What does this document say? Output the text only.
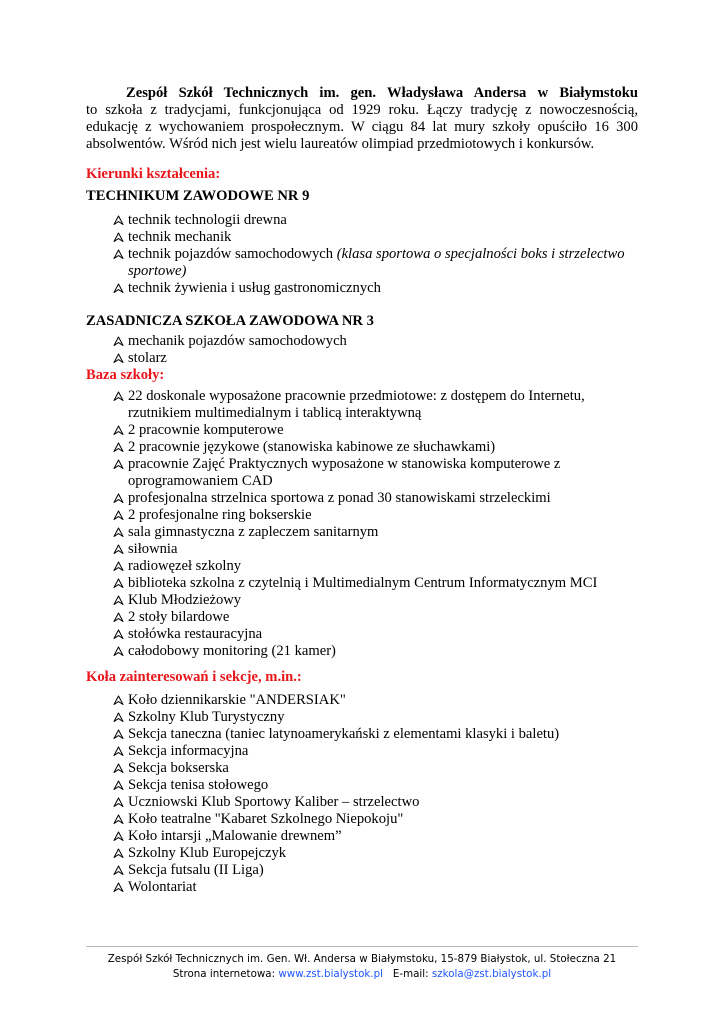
Zespół Szkół Technicznych im. gen. Władysława Andersa w Białymstoku
to szkoła z tradycjami, funkcjonująca od 1929 roku. Łączy tradycję z nowoczesnością, edukację z wychowaniem prospołecznym. W ciągu 84 lat mury szkoły opuściło 16 300 absolwentów. Wśród nich jest wielu laureatów olimpiad przedmiotowych i konkursów.

Kierunki kształcenia:

TECHNIKUM ZAWODOWE NR 9

technik technologii drewna
technik mechanik
technik pojazdów samochodowych (klasa sportowa o specjalności boks i strzelectwo sportowe)
technik żywienia i usług gastronomicznych

ZASADNICZA SZKOŁA ZAWODOWA NR 3

mechanik pojazdów samochodowych
stolarz

Baza szkoły:

22 doskonale wyposażone pracownie przedmiotowe: z dostępem do Internetu, rzutnikiem multimedialnym i tablicą interaktywną
2 pracownie komputerowe
2 pracownie językowe (stanowiska kabinowe ze słuchawkami)
pracownie Zajęć Praktycznych wyposażone w stanowiska komputerowe z oprogramowaniem CAD
profesjonalna strzelnica sportowa z ponad 30 stanowiskami strzeleckimi
2 profesjonalne ring bokserskie
sala gimnastyczna z zapleczem sanitarnym
siłownia
radiowęzeł szkolny
biblioteka szkolna z czytelnią i Multimedialnym Centrum Informatycznym MCI
Klub Młodzieżowy
2 stoły bilardowe
stołówka restauracyjna
całodobowy monitoring (21 kamer)

Koła zainteresowań i sekcje, m.in.:

Koło dziennikarskie "ANDERSIAK"
Szkolny Klub Turystyczny
Sekcja taneczna (taniec latynoamerykański z elementami klasyki i baletu)
Sekcja informacyjna
Sekcja bokserska
Sekcja tenisa stołowego
Uczniowski Klub Sportowy Kaliber – strzelectwo
Koło teatralne "Kabaret Szkolnego Niepokoju"
Koło intarsji „Malowanie drewnem”
Szkolny Klub Europejczyk
Sekcja futsalu (II Liga)
Wolontariat
Zespół Szkół Technicznych im. Gen. Wł. Andersa w Białymstoku, 15-879 Białystok, ul. Stołeczna 21
Strona internetowa: www.zst.bialystok.pl   E-mail: szkola@zst.bialystok.pl
